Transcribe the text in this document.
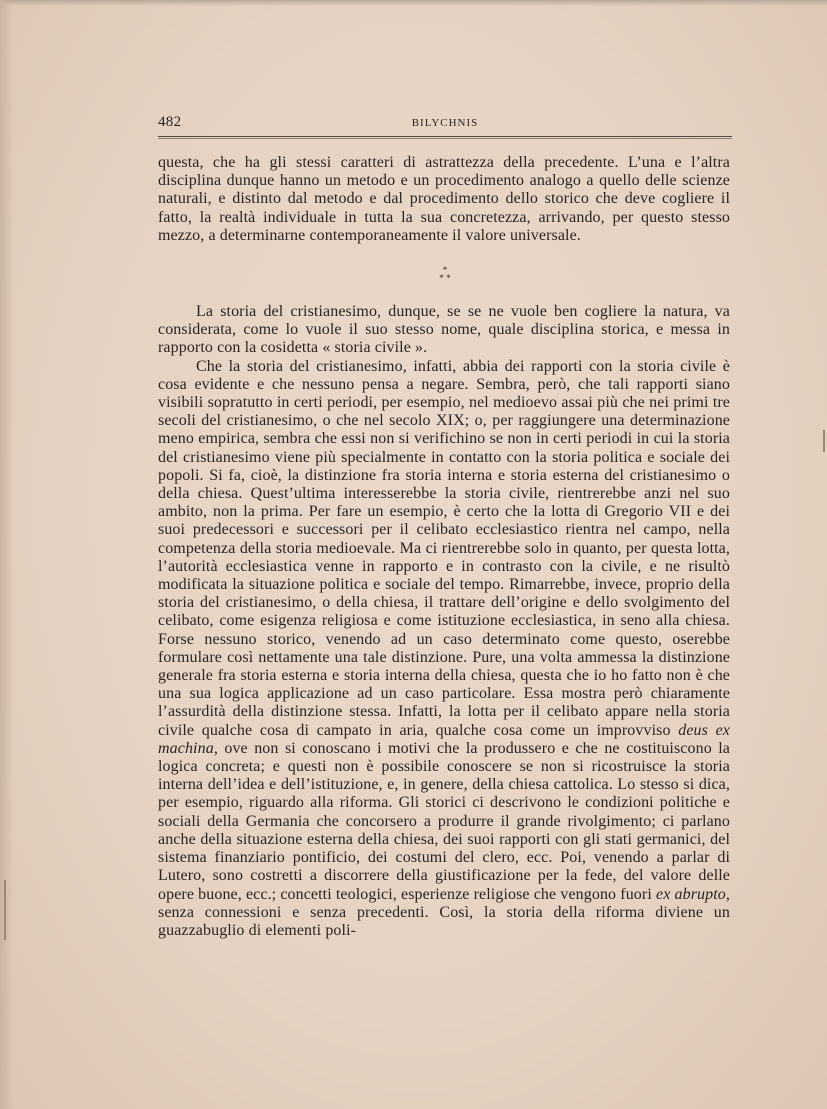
482	BILYCHNIS

questa, che ha gli stessi caratteri di astrattezza della precedente. L’una e l’altra disciplina dunque hanno un metodo e un procedimento analogo a quello delle scienze naturali, e distinto dal metodo e dal procedimento dello storico che deve cogliere il fatto, la realtà individuale in tutta la sua concretezza, arrivando, per questo stesso mezzo, a determinarne contemporaneamente il valore universale.

*
* *

La storia del cristianesimo, dunque, se se ne vuole ben cogliere la natura, va considerata, come lo vuole il suo stesso nome, quale disciplina storica, e messa in rapporto con la cosidetta « storia civile ».

Che la storia del cristianesimo, infatti, abbia dei rapporti con la storia civile è cosa evidente e che nessuno pensa a negare. Sembra, però, che tali rapporti siano visibili sopratutto in certi periodi, per esempio, nel medioevo assai più che nei primi tre secoli del cristianesimo, o che nel secolo XIX; o, per raggiungere una determinazione meno empirica, sembra che essi non si verifichino se non in certi periodi in cui la storia del cristianesimo viene più specialmente in contatto con la storia politica e sociale dei popoli. Si fa, cioè, la distinzione fra storia interna e storia esterna del cristianesimo o della chiesa. Quest’ultima interesserebbe la storia civile, rientrerebbe anzi nel suo ambito, non la prima. Per fare un esempio, è certo che la lotta di Gregorio VII e dei suoi predecessori e successori per il celibato ecclesiastico rientra nel campo, nella competenza della storia medioevale. Ma ci rientrerebbe solo in quanto, per questa lotta, l’autorità ecclesiastica venne in rapporto e in contrasto con la civile, e ne risultò modificata la situazione politica e sociale del tempo. Rimarrebbe, invece, proprio della storia del cristianesimo, o della chiesa, il trattare dell’origine e dello svolgimento del celibato, come esigenza religiosa e come istituzione ecclesiastica, in seno alla chiesa. Forse nessuno storico, venendo ad un caso determinato come questo, oserebbe formulare così nettamente una tale distinzione. Pure, una volta ammessa la distinzione generale fra storia esterna e storia interna della chiesa, questa che io ho fatto non è che una sua logica applicazione ad un caso particolare. Essa mostra però chiaramente l’assurdità della distinzione stessa. Infatti, la lotta per il celibato appare nella storia civile qualche cosa di campato in aria, qualche cosa come un improvviso deus ex machina, ove non si conoscano i motivi che la produssero e che ne costituiscono la logica concreta; e questi non è possibile conoscere se non si ricostruisce la storia interna dell’idea e dell’istituzione, e, in genere, della chiesa cattolica. Lo stesso si dica, per esempio, riguardo alla riforma. Gli storici ci descrivono le condizioni politiche e sociali della Germania che concorsero a produrre il grande rivolgimento; ci parlano anche della situazione esterna della chiesa, dei suoi rapporti con gli stati germanici, del sistema finanziario pontificio, dei costumi del clero, ecc. Poi, venendo a parlar di Lutero, sono costretti a discorrere della giustificazione per la fede, del valore delle opere buone, ecc.; concetti teologici, esperienze religiose che vengono fuori ex abrupto, senza connessioni e senza precedenti. Così, la storia della riforma diviene un guazzabuglio di elementi poli-
